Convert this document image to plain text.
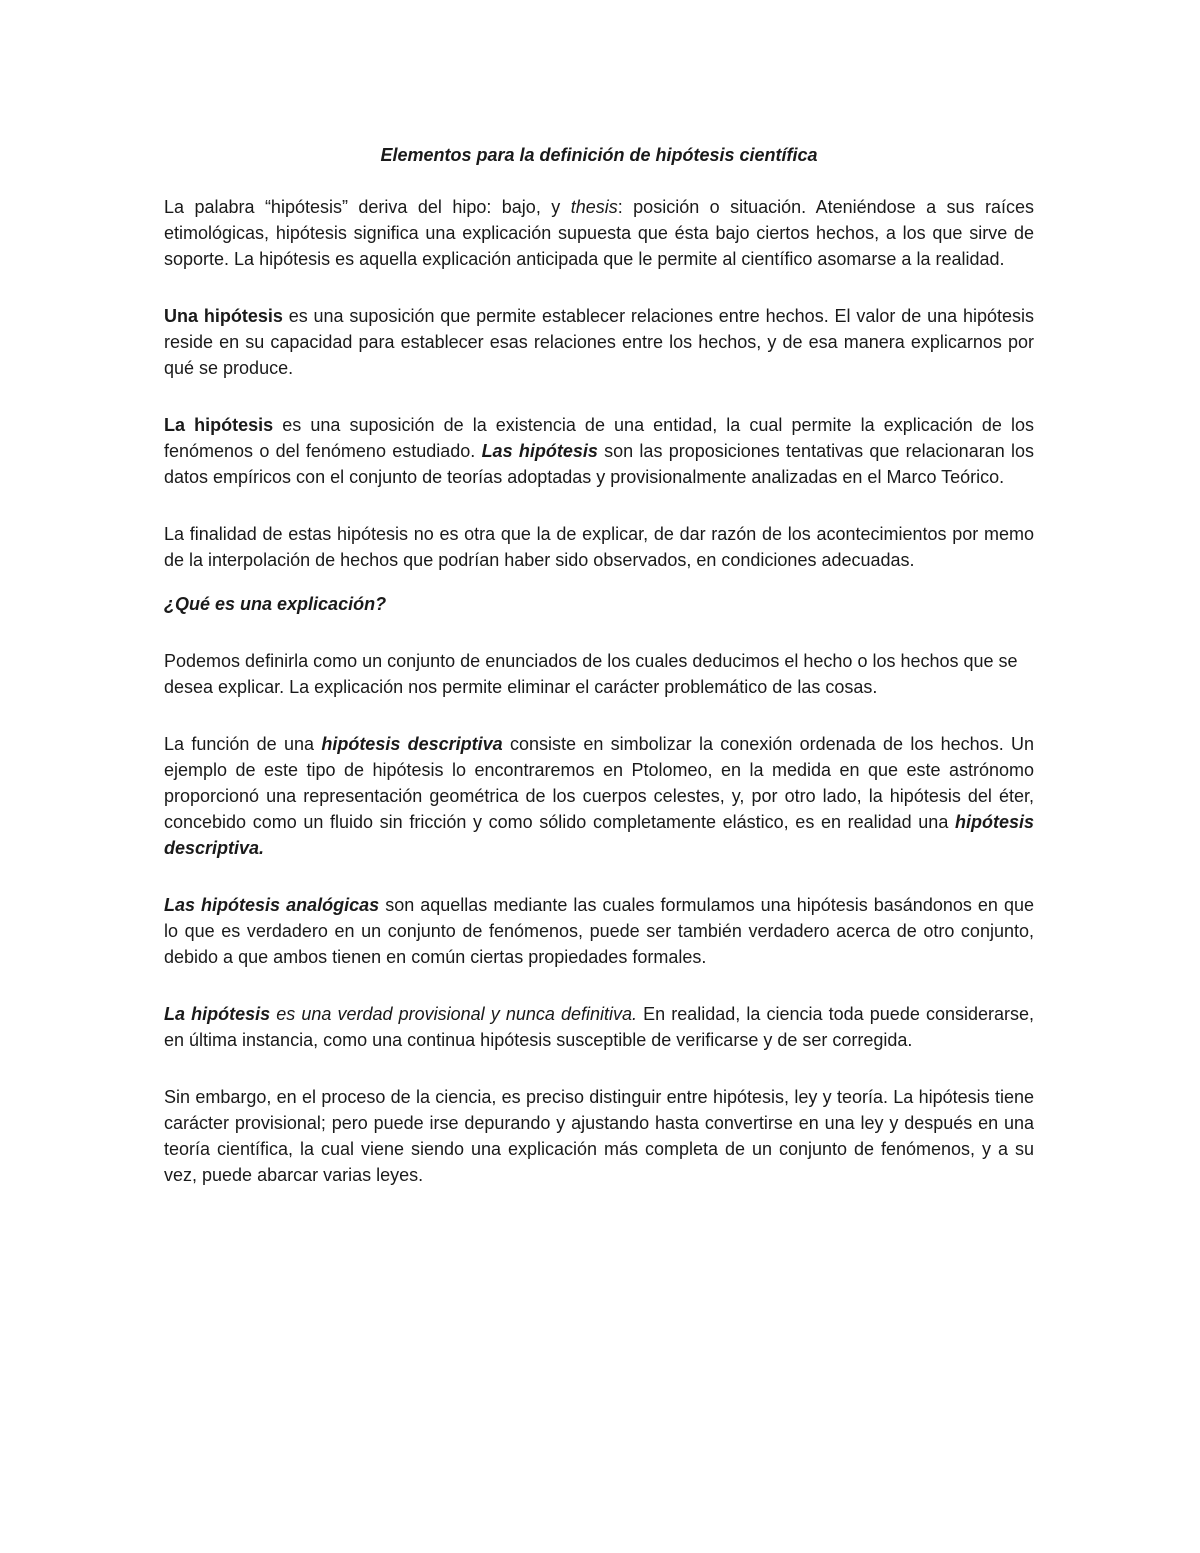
Elementos para la definición de hipótesis científica

La palabra “hipótesis” deriva del hipo: bajo, y thesis: posición o situación. Ateniéndose a sus raíces etimológicas, hipótesis significa una explicación supuesta que ésta bajo ciertos hechos, a los que sirve de soporte. La hipótesis es aquella explicación anticipada que le permite al científico asomarse a la realidad.

Una hipótesis es una suposición que permite establecer relaciones entre hechos. El valor de una hipótesis reside en su capacidad para establecer esas relaciones entre los hechos, y de esa manera explicarnos por qué se produce.

La hipótesis es una suposición de la existencia de una entidad, la cual permite la explicación de los fenómenos o del fenómeno estudiado. Las hipótesis son las proposiciones tentativas que relacionaran los datos empíricos con el conjunto de teorías adoptadas y provisionalmente analizadas en el Marco Teórico.

La finalidad de estas hipótesis no es otra que la de explicar, de dar razón de los acontecimientos por memo de la interpolación de hechos que podrían haber sido observados, en condiciones adecuadas.

¿Qué es una explicación?

Podemos definirla como un conjunto de enunciados de los cuales deducimos el hecho o los hechos que se desea explicar. La explicación nos permite eliminar el carácter problemático de las cosas.

La función de una hipótesis descriptiva consiste en simbolizar la conexión ordenada de los hechos. Un ejemplo de este tipo de hipótesis lo encontraremos en Ptolomeo, en la medida en que este astrónomo proporcionó una representación geométrica de los cuerpos celestes, y, por otro lado, la hipótesis del éter, concebido como un fluido sin fricción y como sólido completamente elástico, es en realidad una hipótesis descriptiva.

Las hipótesis analógicas son aquellas mediante las cuales formulamos una hipótesis basándonos en que lo que es verdadero en un conjunto de fenómenos, puede ser también verdadero acerca de otro conjunto, debido a que ambos tienen en común ciertas propiedades formales.

La hipótesis es una verdad provisional y nunca definitiva. En realidad, la ciencia toda puede considerarse, en última instancia, como una continua hipótesis susceptible de verificarse y de ser corregida.

Sin embargo, en el proceso de la ciencia, es preciso distinguir entre hipótesis, ley y teoría. La hipótesis tiene carácter provisional; pero puede irse depurando y ajustando hasta convertirse en una ley y después en una teoría científica, la cual viene siendo una explicación más completa de un conjunto de fenómenos, y a su vez, puede abarcar varias leyes.
